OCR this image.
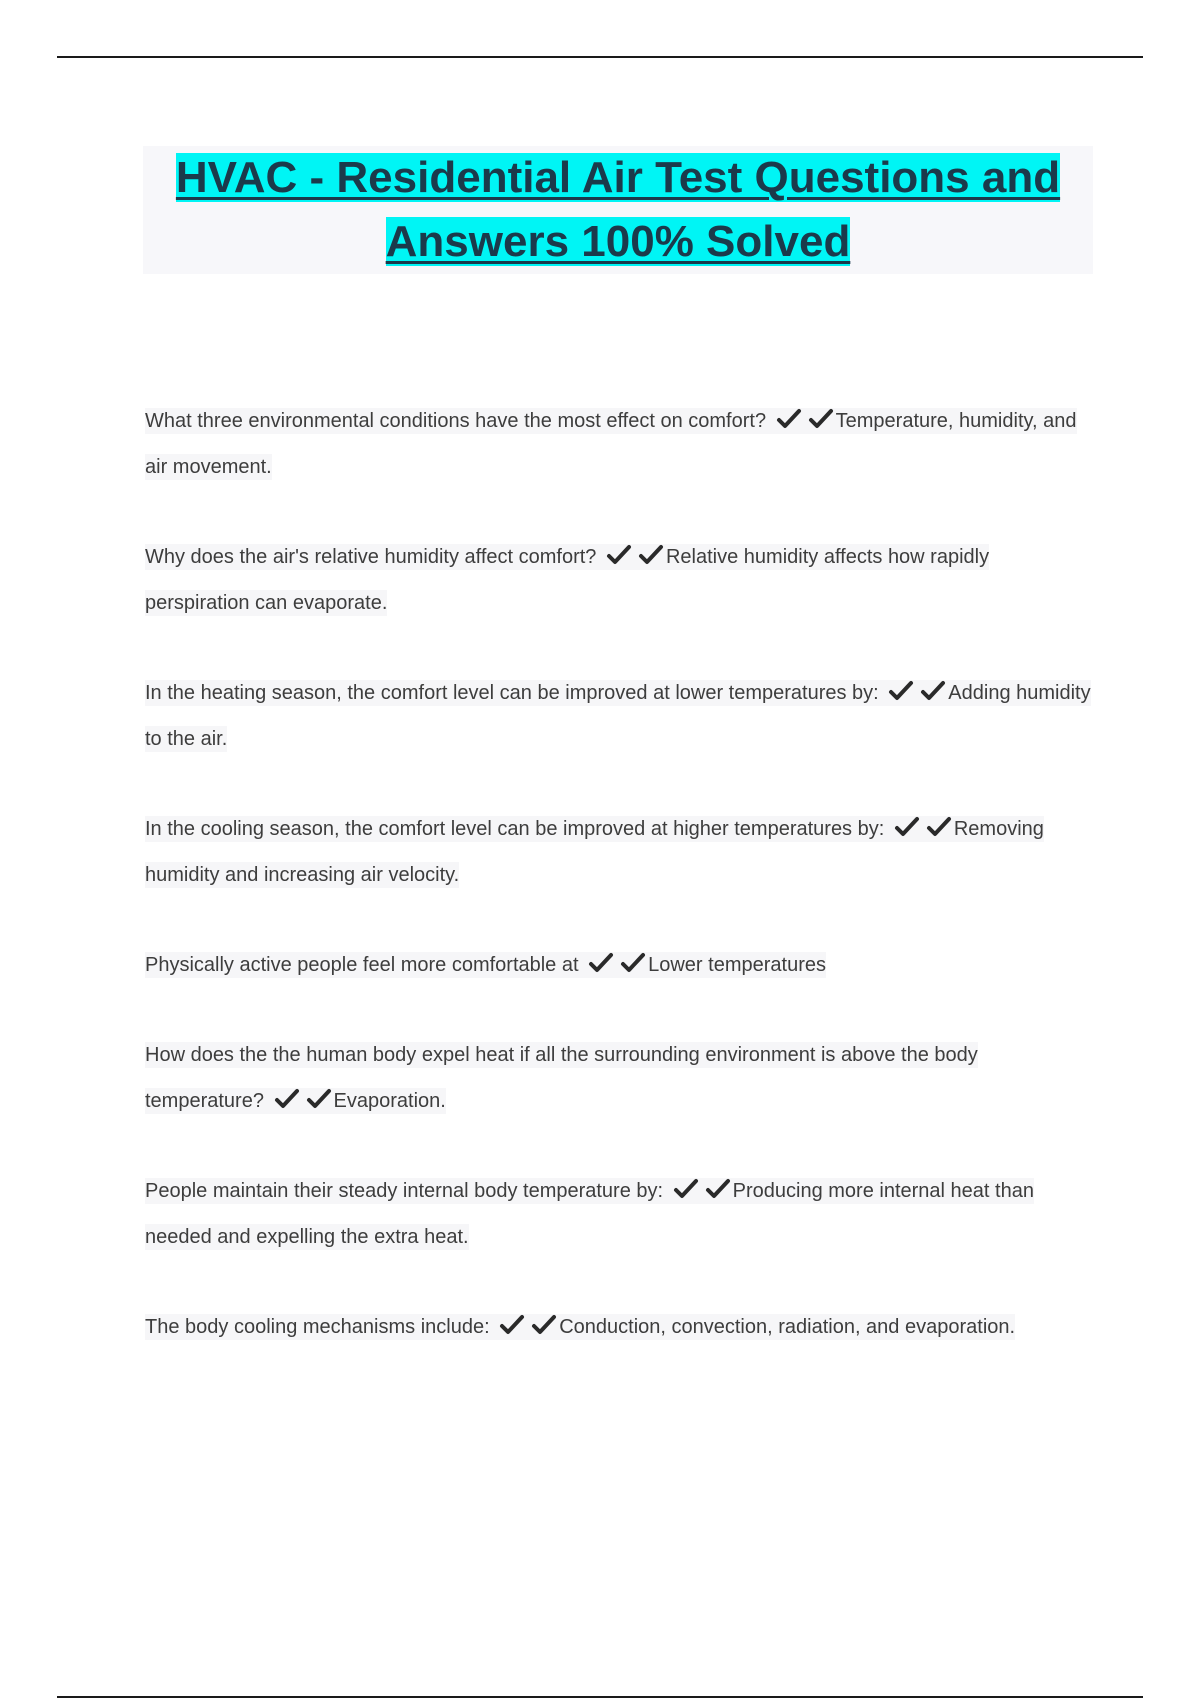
HVAC - Residential Air Test Questions and
Answers 100% Solved
What three environmental conditions have the most effect on comfort?	Temperature, humidity, and air movement.
Why does the air's relative humidity affect comfort?	Relative humidity affects how rapidly perspiration can evaporate.
In the heating season, the comfort level can be improved at lower temperatures by:	Adding humidity to the air.
In the cooling season, the comfort level can be improved at higher temperatures by:	Removing humidity and increasing air velocity.
Physically active people feel more comfortable at	Lower temperatures
How does the the human body expel heat if all the surrounding environment is above the body temperature?	Evaporation.
People maintain their steady internal body temperature by:	Producing more internal heat than needed and expelling the extra heat.
The body cooling mechanisms include:	Conduction, convection, radiation, and evaporation.
